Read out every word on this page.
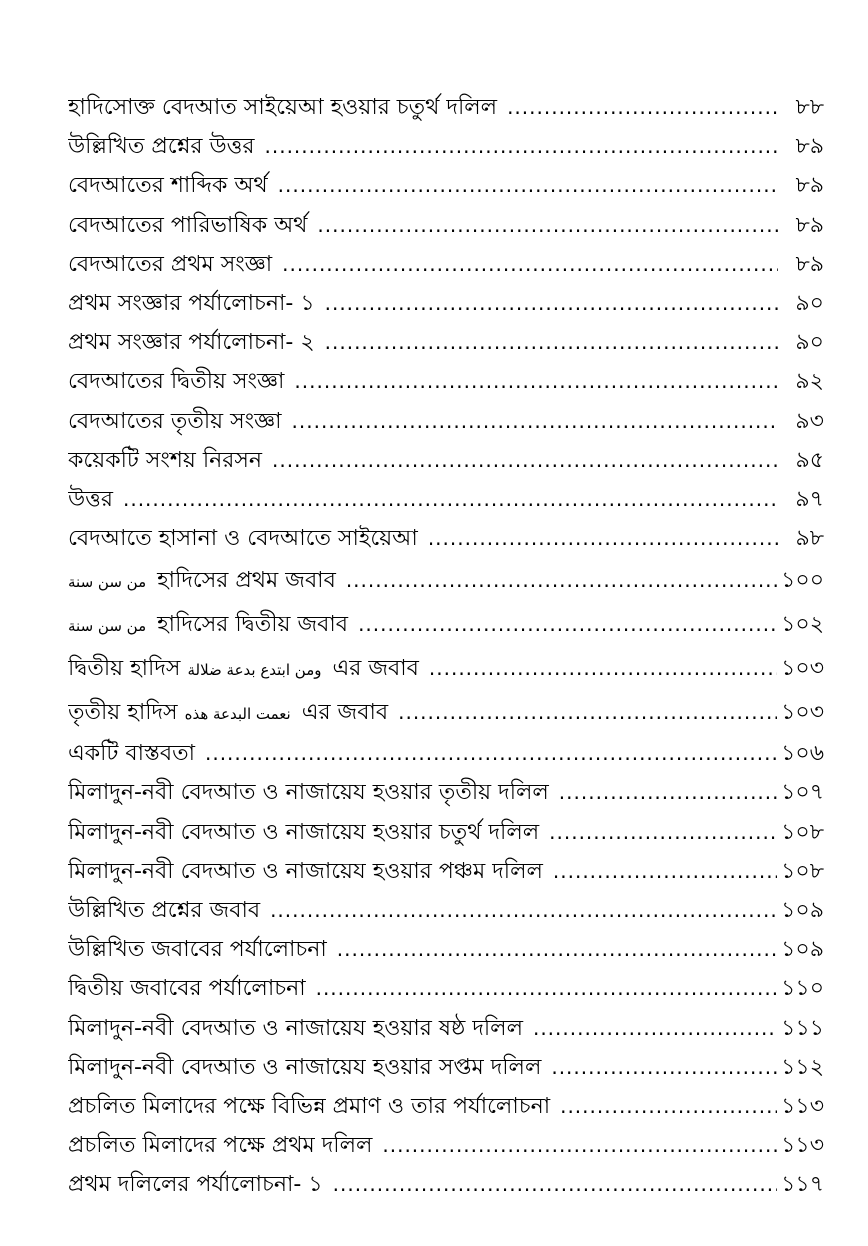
হাদিসোক্ত বেদআত সাইয়েআ হওয়ার চতুর্থ দলিল .....	৮৮
উল্লিখিত প্রশ্নের উত্তর .....	৮৯
বেদআতের শাব্দিক অর্থ .....	৮৯
বেদআতের পারিভাষিক অর্থ .....	৮৯
বেদআতের প্রথম সংজ্ঞা .....	৮৯
প্রথম সংজ্ঞার পর্যালোচনা- ১ .....	৯০
প্রথম সংজ্ঞার পর্যালোচনা- ২ .....	৯০
বেদআতের দ্বিতীয় সংজ্ঞা .....	৯২
বেদআতের তৃতীয় সংজ্ঞা .....	৯৩
কয়েকটি সংশয় নিরসন .....	৯৫
উত্তর .....	৯৭
বেদআতে হাসানা ও বেদআতে সাইয়েআ .....	৯৮
من سن سنة হাদিসের প্রথম জবাব .....	১০০
من سن سنة হাদিসের দ্বিতীয় জবাব .....	১০২
দ্বিতীয় হাদিস ومن ابتدع بدعة ضلالة এর জবাব .....	১০৩
তৃতীয় হাদিস نعمت البدعة هذه এর জবাব .....	১০৩
একটি বাস্তবতা .....	১০৬
মিলাদুন-নবী বেদআত ও নাজায়েয হওয়ার তৃতীয় দলিল .....	১০৭
মিলাদুন-নবী বেদআত ও নাজায়েয হওয়ার চতুর্থ দলিল .....	১০৮
মিলাদুন-নবী বেদআত ও নাজায়েয হওয়ার পঞ্চম দলিল .....	১০৮
উল্লিখিত প্রশ্নের জবাব .....	১০৯
উল্লিখিত জবাবের পর্যালোচনা .....	১০৯
দ্বিতীয় জবাবের পর্যালোচনা .....	১১০
মিলাদুন-নবী বেদআত ও নাজায়েয হওয়ার ষষ্ঠ দলিল .....	১১১
মিলাদুন-নবী বেদআত ও নাজায়েয হওয়ার সপ্তম দলিল .....	১১২
প্রচলিত মিলাদের পক্ষে বিভিন্ন প্রমাণ ও তার পর্যালোচনা .....	১১৩
প্রচলিত মিলাদের পক্ষে প্রথম দলিল .....	১১৩
প্রথম দলিলের পর্যালোচনা- ১ .....	১১৭
